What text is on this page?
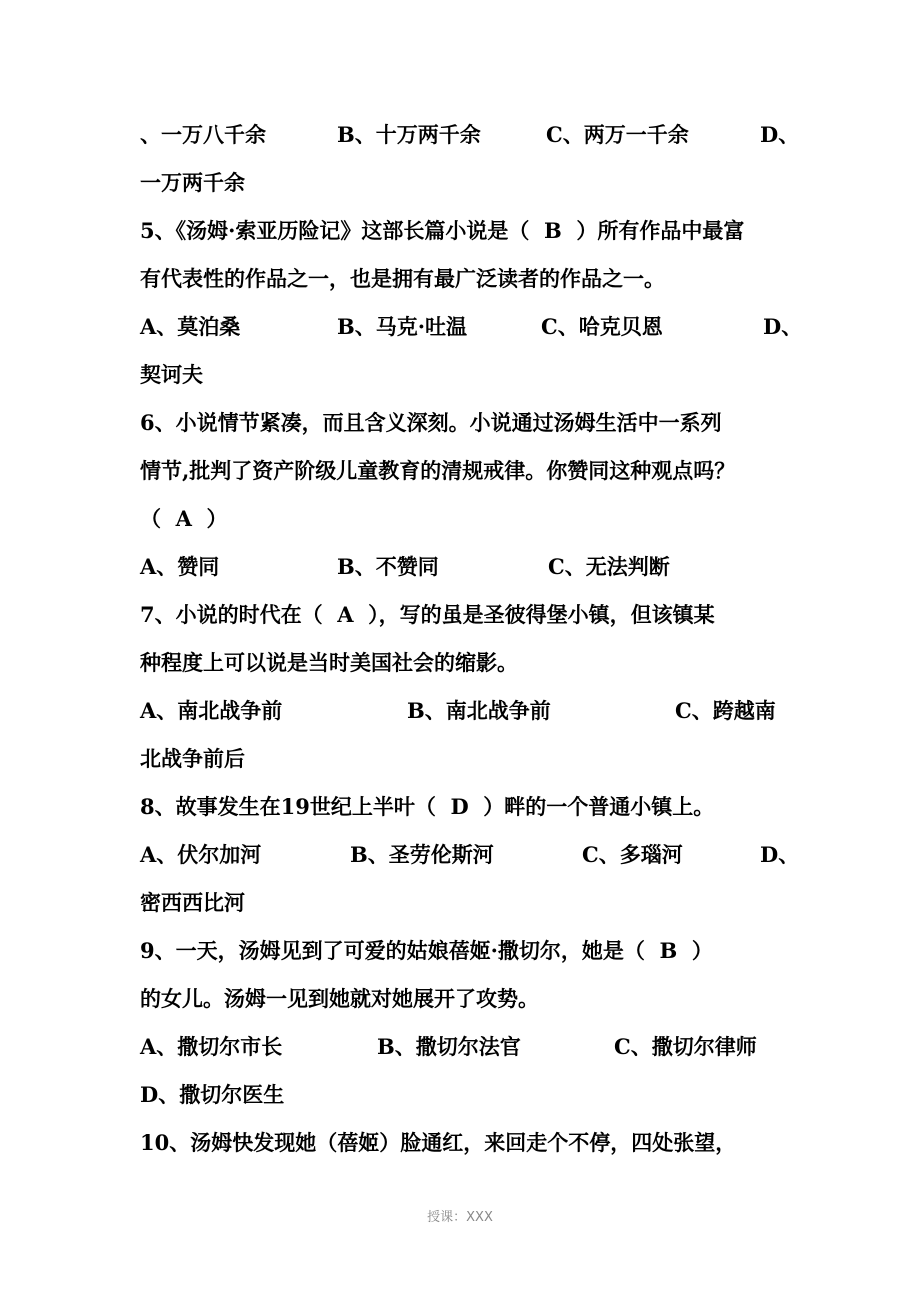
、一万八千余	B、十万两千余	C、两万一千余	D、
一万两千余
5、《汤姆·索亚历险记》这部长篇小说是（  B  ）所有作品中最富
有代表性的作品之一，也是拥有最广泛读者的作品之一。
A、莫泊桑	B、马克·吐温	C、哈克贝恩	D、
契诃夫
6、小说情节紧凑，而且含义深刻。小说通过汤姆生活中一系列
情节,批判了资产阶级儿童教育的清规戒律。你赞同这种观点吗？
（  A  ）
A、赞同	B、不赞同	C、无法判断
7、小说的时代在（  A  ），写的虽是圣彼得堡小镇，但该镇某
种程度上可以说是当时美国社会的缩影。
A、南北战争前	B、南北战争前	C、跨越南
北战争前后
8、故事发生在19世纪上半叶（  D  ）畔的一个普通小镇上。
A、伏尔加河	B、圣劳伦斯河	C、多瑙河	D、
密西西比河
9、一天，汤姆见到了可爱的姑娘蓓姬·撒切尔，她是（  B  ）
的女儿。汤姆一见到她就对她展开了攻势。
A、撒切尔市长	B、撒切尔法官	C、撒切尔律师
D、撒切尔医生
10、汤姆快发现她（蓓姬）脸通红，来回走个不停，四处张望，
授课：XXX
